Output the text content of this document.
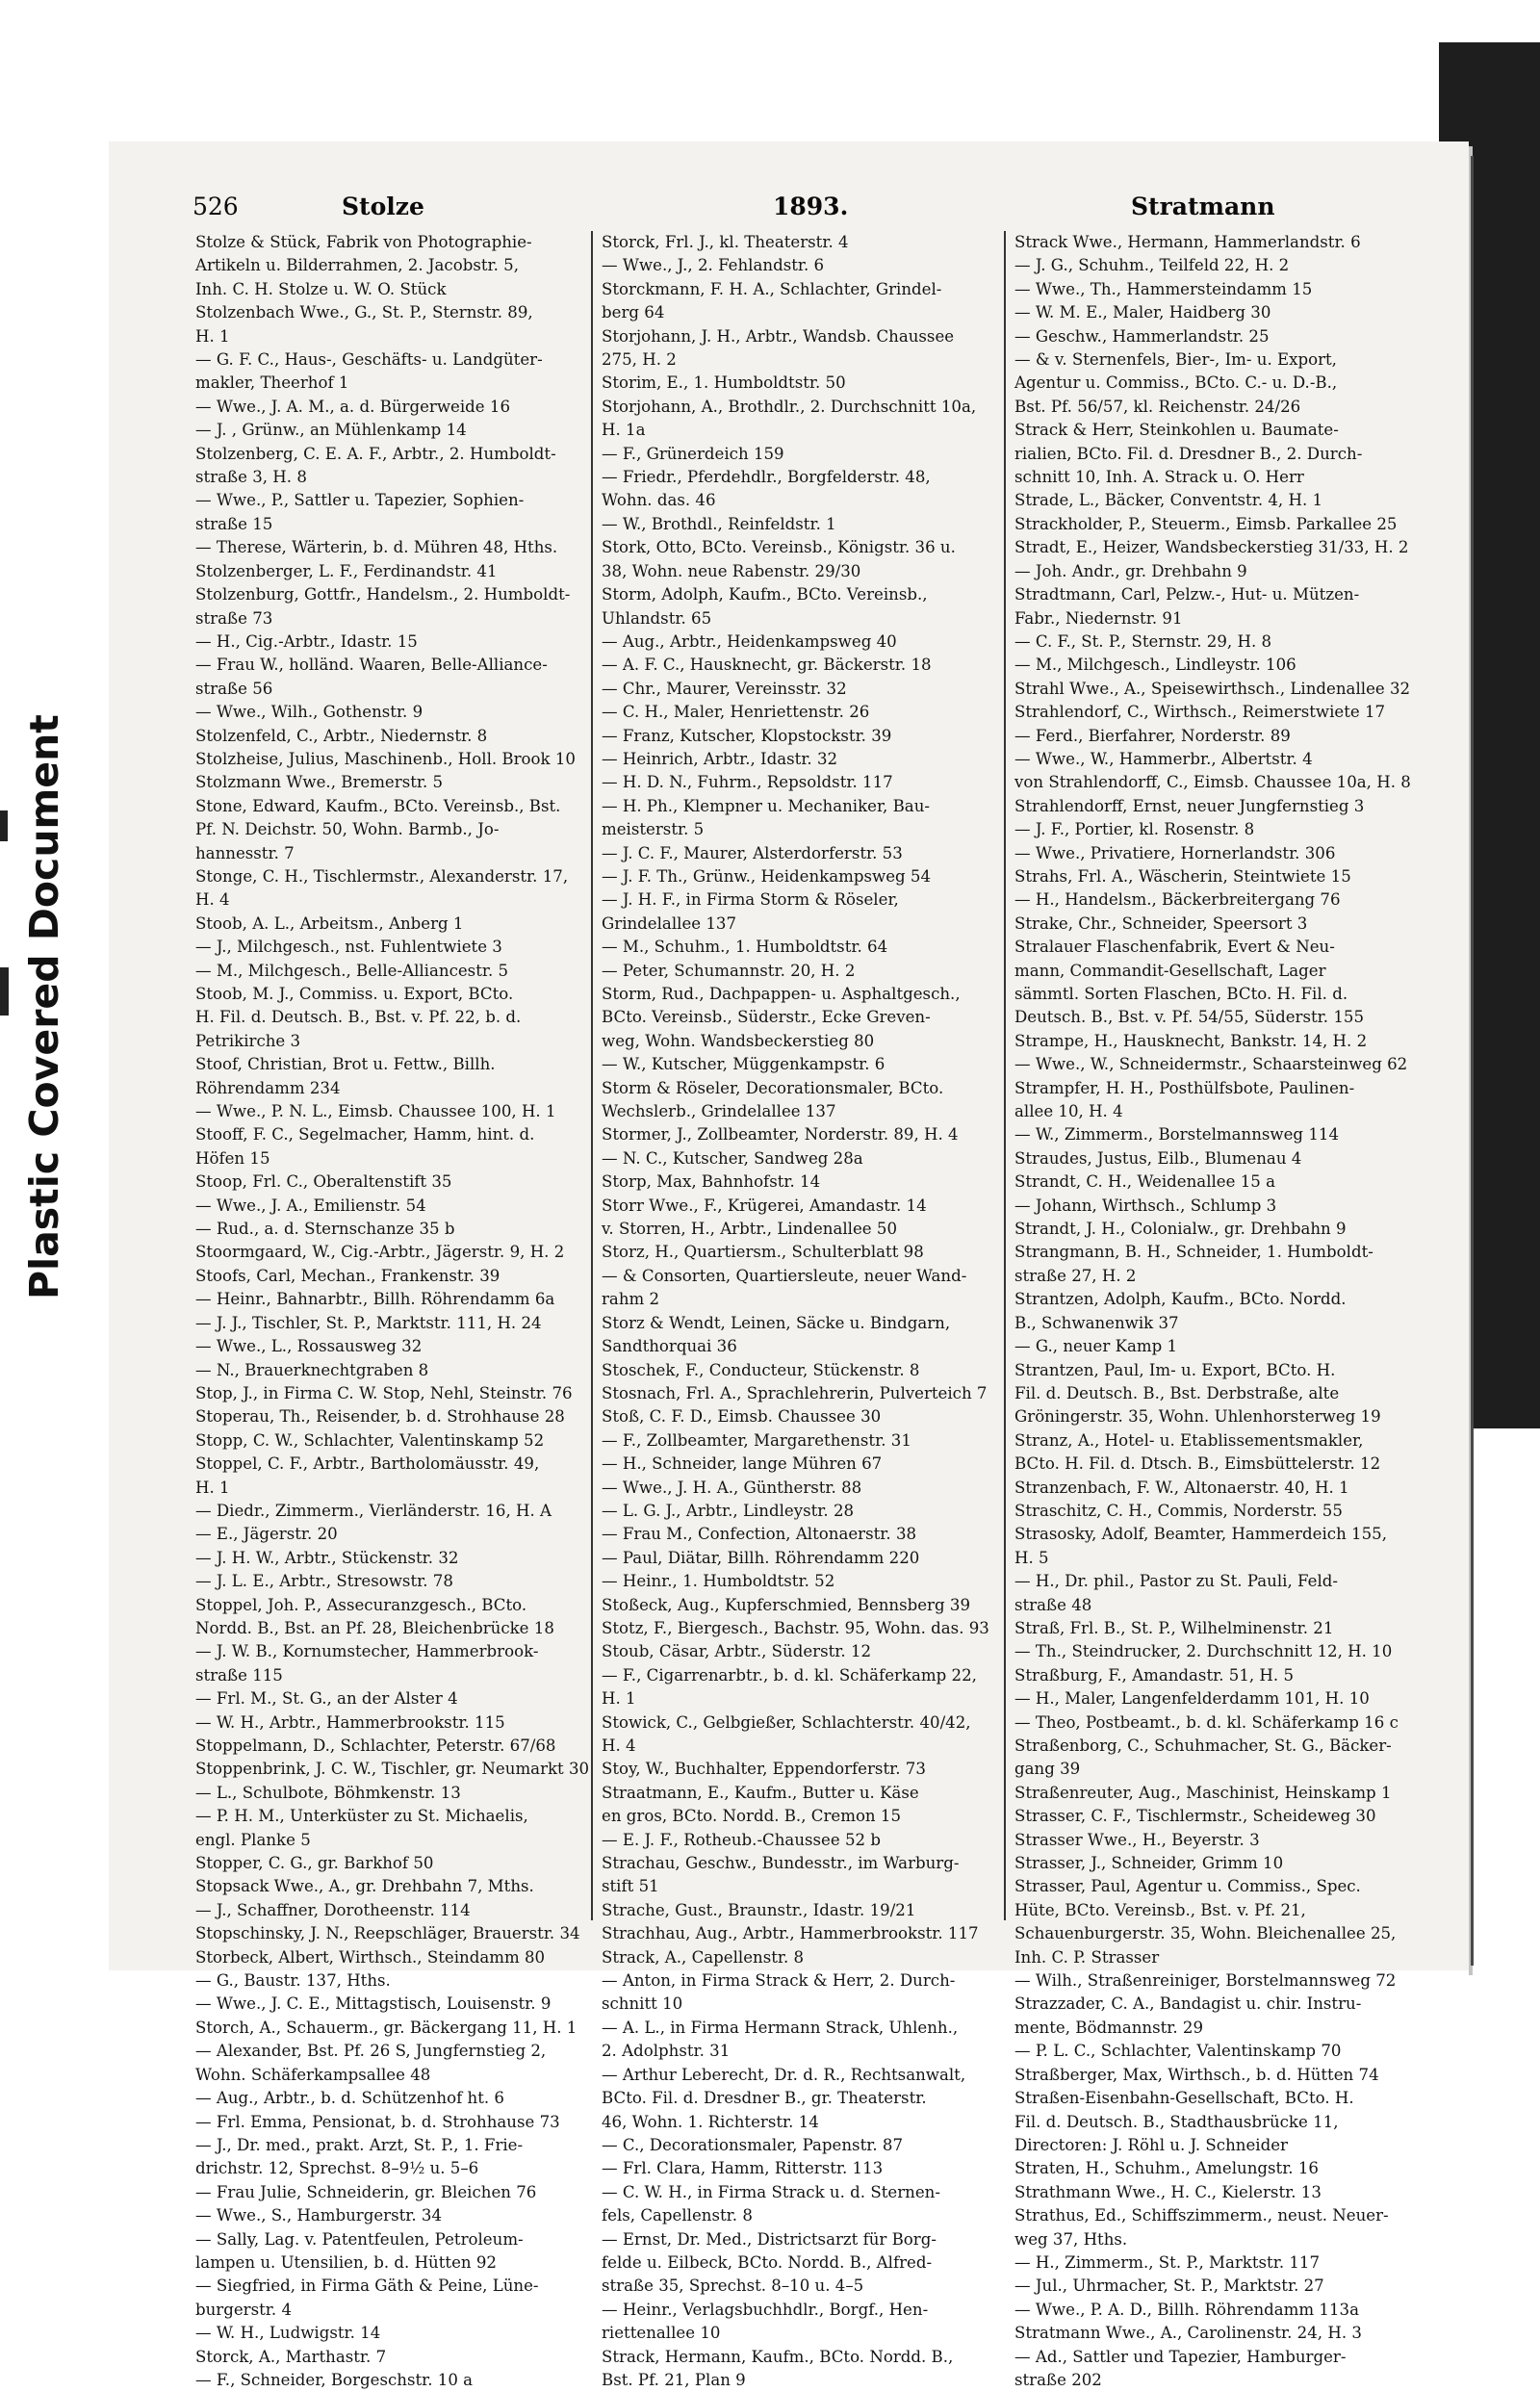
Plastic Covered Document
526	Stolze	1893.	Stratmann
Stolze & Stück, Fabrik von Photographie-
Artikeln u. Bilderrahmen, 2. Jacobstr. 5,
Inh. C. H. Stolze u. W. O. Stück
Stolzenbach Wwe., G., St. P., Sternstr. 89,
H. 1
— G. F. C., Haus-, Geschäfts- u. Landgüter-
makler, Theerhof 1
— Wwe., J. A. M., a. d. Bürgerweide 16
— J. , Grünw., an Mühlenkamp 14
Stolzenberg, C. E. A. F., Arbtr., 2. Humboldt-
straße 3, H. 8
— Wwe., P., Sattler u. Tapezier, Sophien-
straße 15
— Therese, Wärterin, b. d. Mühren 48, Hths.
Stolzenberger, L. F., Ferdinandstr. 41
Stolzenburg, Gottfr., Handelsm., 2. Humboldt-
straße 73
— H., Cig.-Arbtr., Idastr. 15
— Frau W., holländ. Waaren, Belle-Alliance-
straße 56
— Wwe., Wilh., Gothenstr. 9
Stolzenfeld, C., Arbtr., Niedernstr. 8
Stolzheise, Julius, Maschinenb., Holl. Brook 10
Stolzmann Wwe., Bremerstr. 5
Stone, Edward, Kaufm., BCto. Vereinsb., Bst.
Pf. N. Deichstr. 50, Wohn. Barmb., Jo-
hannesstr. 7
Stonge, C. H., Tischlermstr., Alexanderstr. 17,
H. 4
Stoob, A. L., Arbeitsm., Anberg 1
— J., Milchgesch., nst. Fuhlentwiete 3
— M., Milchgesch., Belle-Alliancestr. 5
Stoob, M. J., Commiss. u. Export, BCto.
H. Fil. d. Deutsch. B., Bst. v. Pf. 22, b. d.
Petrikirche 3
Stoof, Christian, Brot u. Fettw., Billh.
Röhrendamm 234
— Wwe., P. N. L., Eimsb. Chaussee 100, H. 1
Stooff, F. C., Segelmacher, Hamm, hint. d.
Höfen 15
Stoop, Frl. C., Oberaltenstift 35
— Wwe., J. A., Emilienstr. 54
— Rud., a. d. Sternschanze 35 b
Stoormgaard, W., Cig.-Arbtr., Jägerstr. 9, H. 2
Stoofs, Carl, Mechan., Frankenstr. 39
— Heinr., Bahnarbtr., Billh. Röhrendamm 6a
— J. J., Tischler, St. P., Marktstr. 111, H. 24
— Wwe., L., Rossausweg 32
— N., Brauerknechtgraben 8
Stop, J., in Firma C. W. Stop, Nehl, Steinstr. 76
Stoperau, Th., Reisender, b. d. Strohhause 28
Stopp, C. W., Schlachter, Valentinskamp 52
Stoppel, C. F., Arbtr., Bartholomäusstr. 49,
H. 1
— Diedr., Zimmerm., Vierländerstr. 16, H. A
— E., Jägerstr. 20
— J. H. W., Arbtr., Stückenstr. 32
— J. L. E., Arbtr., Stresowstr. 78
Stoppel, Joh. P., Assecuranzgesch., BCto.
Nordd. B., Bst. an Pf. 28, Bleichenbrücke 18
— J. W. B., Kornumstecher, Hammerbrook-
straße 115
— Frl. M., St. G., an der Alster 4
— W. H., Arbtr., Hammerbrookstr. 115
Stoppelmann, D., Schlachter, Peterstr. 67/68
Stoppenbrink, J. C. W., Tischler, gr. Neumarkt 30
— L., Schulbote, Böhmkenstr. 13
— P. H. M., Unterküster zu St. Michaelis,
engl. Planke 5
Stopper, C. G., gr. Barkhof 50
Stopsack Wwe., A., gr. Drehbahn 7, Mths.
— J., Schaffner, Dorotheenstr. 114
Stopschinsky, J. N., Reepschläger, Brauerstr. 34
Storbeck, Albert, Wirthsch., Steindamm 80
— G., Baustr. 137, Hths.
— Wwe., J. C. E., Mittagstisch, Louisenstr. 9
Storch, A., Schauerm., gr. Bäckergang 11, H. 1
— Alexander, Bst. Pf. 26 S, Jungfernstieg 2,
Wohn. Schäferkampsallee 48
— Aug., Arbtr., b. d. Schützenhof ht. 6
— Frl. Emma, Pensionat, b. d. Strohhause 73
— J., Dr. med., prakt. Arzt, St. P., 1. Frie-
drichstr. 12, Sprechst. 8–9½ u. 5–6
— Frau Julie, Schneiderin, gr. Bleichen 76
— Wwe., S., Hamburgerstr. 34
— Sally, Lag. v. Patentfeulen, Petroleum-
lampen u. Utensilien, b. d. Hütten 92
— Siegfried, in Firma Gäth & Peine, Lüne-
burgerstr. 4
— W. H., Ludwigstr. 14
Storck, A., Marthastr. 7
— F., Schneider, Borgeschstr. 10 a
Storck, Frl. J., kl. Theaterstr. 4
— Wwe., J., 2. Fehlandstr. 6
Storckmann, F. H. A., Schlachter, Grindel-
berg 64
Storjohann, J. H., Arbtr., Wandsb. Chaussee
275, H. 2
Storim, E., 1. Humboldtstr. 50
Storjohann, A., Brothdlr., 2. Durchschnitt 10a,
H. 1a
— F., Grünerdeich 159
— Friedr., Pferdehdlr., Borgfelderstr. 48,
Wohn. das. 46
— W., Brothdl., Reinfeldstr. 1
Stork, Otto, BCto. Vereinsb., Königstr. 36 u.
38, Wohn. neue Rabenstr. 29/30
Storm, Adolph, Kaufm., BCto. Vereinsb.,
Uhlandstr. 65
— Aug., Arbtr., Heidenkampsweg 40
— A. F. C., Hausknecht, gr. Bäckerstr. 18
— Chr., Maurer, Vereinsstr. 32
— C. H., Maler, Henriettenstr. 26
— Franz, Kutscher, Klopstockstr. 39
— Heinrich, Arbtr., Idastr. 32
— H. D. N., Fuhrm., Repsoldstr. 117
— H. Ph., Klempner u. Mechaniker, Bau-
meisterstr. 5
— J. C. F., Maurer, Alsterdorferstr. 53
— J. F. Th., Grünw., Heidenkampsweg 54
— J. H. F., in Firma Storm & Röseler,
Grindelallee 137
— M., Schuhm., 1. Humboldtstr. 64
— Peter, Schumannstr. 20, H. 2
Storm, Rud., Dachpappen- u. Asphaltgesch.,
BCto. Vereinsb., Süderstr., Ecke Greven-
weg, Wohn. Wandsbeckerstieg 80
— W., Kutscher, Müggenkampstr. 6
Storm & Röseler, Decorationsmaler, BCto.
Wechslerb., Grindelallee 137
Stormer, J., Zollbeamter, Norderstr. 89, H. 4
— N. C., Kutscher, Sandweg 28a
Storp, Max, Bahnhofstr. 14
Storr Wwe., F., Krügerei, Amandastr. 14
v. Storren, H., Arbtr., Lindenallee 50
Storz, H., Quartiersm., Schulterblatt 98
— & Consorten, Quartiersleute, neuer Wand-
rahm 2
Storz & Wendt, Leinen, Säcke u. Bindgarn,
Sandthorquai 36
Stoschek, F., Conducteur, Stückenstr. 8
Stosnach, Frl. A., Sprachlehrerin, Pulverteich 7
Stoß, C. F. D., Eimsb. Chaussee 30
— F., Zollbeamter, Margarethenstr. 31
— H., Schneider, lange Mühren 67
— Wwe., J. H. A., Güntherstr. 88
— L. G. J., Arbtr., Lindleystr. 28
— Frau M., Confection, Altonaerstr. 38
— Paul, Diätar, Billh. Röhrendamm 220
— Heinr., 1. Humboldtstr. 52
Stoßeck, Aug., Kupferschmied, Bennsberg 39
Stotz, F., Biergesch., Bachstr. 95, Wohn. das. 93
Stoub, Cäsar, Arbtr., Süderstr. 12
— F., Cigarrenarbtr., b. d. kl. Schäferkamp 22,
H. 1
Stowick, C., Gelbgießer, Schlachterstr. 40/42,
H. 4
Stoy, W., Buchhalter, Eppendorferstr. 73
Straatmann, E., Kaufm., Butter u. Käse
en gros, BCto. Nordd. B., Cremon 15
— E. J. F., Rotheub.-Chaussee 52 b
Strachau, Geschw., Bundesstr., im Warburg-
stift 51
Strache, Gust., Braunstr., Idastr. 19/21
Strachhau, Aug., Arbtr., Hammerbrookstr. 117
Strack, A., Capellenstr. 8
— Anton, in Firma Strack & Herr, 2. Durch-
schnitt 10
— A. L., in Firma Hermann Strack, Uhlenh.,
2. Adolphstr. 31
— Arthur Leberecht, Dr. d. R., Rechtsanwalt,
BCto. Fil. d. Dresdner B., gr. Theaterstr.
46, Wohn. 1. Richterstr. 14
— C., Decorationsmaler, Papenstr. 87
— Frl. Clara, Hamm, Ritterstr. 113
— C. W. H., in Firma Strack u. d. Sternen-
fels, Capellenstr. 8
— Ernst, Dr. Med., Districtsarzt für Borg-
felde u. Eilbeck, BCto. Nordd. B., Alfred-
straße 35, Sprechst. 8–10 u. 4–5
— Heinr., Verlagsbuchhdlr., Borgf., Hen-
riettenallee 10
Strack, Hermann, Kaufm., BCto. Nordd. B.,
Bst. Pf. 21, Plan 9
Strack Wwe., Hermann, Hammerlandstr. 6
— J. G., Schuhm., Teilfeld 22, H. 2
— Wwe., Th., Hammersteindamm 15
— W. M. E., Maler, Haidberg 30
— Geschw., Hammerlandstr. 25
— & v. Sternenfels, Bier-, Im- u. Export,
Agentur u. Commiss., BCto. C.- u. D.-B.,
Bst. Pf. 56/57, kl. Reichenstr. 24/26
Strack & Herr, Steinkohlen u. Baumate-
rialien, BCto. Fil. d. Dresdner B., 2. Durch-
schnitt 10, Inh. A. Strack u. O. Herr
Strade, L., Bäcker, Conventstr. 4, H. 1
Strackholder, P., Steuerm., Eimsb. Parkallee 25
Stradt, E., Heizer, Wandsbeckerstieg 31/33, H. 2
— Joh. Andr., gr. Drehbahn 9
Stradtmann, Carl, Pelzw.-, Hut- u. Mützen-
Fabr., Niedernstr. 91
— C. F., St. P., Sternstr. 29, H. 8
— M., Milchgesch., Lindleystr. 106
Strahl Wwe., A., Speisewirthsch., Lindenallee 32
Strahlendorf, C., Wirthsch., Reimerstwiete 17
— Ferd., Bierfahrer, Norderstr. 89
— Wwe., W., Hammerbr., Albertstr. 4
von Strahlendorff, C., Eimsb. Chaussee 10a, H. 8
Strahlendorff, Ernst, neuer Jungfernstieg 3
— J. F., Portier, kl. Rosenstr. 8
— Wwe., Privatiere, Hornerlandstr. 306
Strahs, Frl. A., Wäscherin, Steintwiete 15
— H., Handelsm., Bäckerbreitergang 76
Strake, Chr., Schneider, Speersort 3
Stralauer Flaschenfabrik, Evert & Neu-
mann, Commandit-Gesellschaft, Lager
sämmtl. Sorten Flaschen, BCto. H. Fil. d.
Deutsch. B., Bst. v. Pf. 54/55, Süderstr. 155
Strampe, H., Hausknecht, Bankstr. 14, H. 2
— Wwe., W., Schneidermstr., Schaarsteinweg 62
Strampfer, H. H., Posthülfsbote, Paulinen-
allee 10, H. 4
— W., Zimmerm., Borstelmannsweg 114
Straudes, Justus, Eilb., Blumenau 4
Strandt, C. H., Weidenallee 15 a
— Johann, Wirthsch., Schlump 3
Strandt, J. H., Colonialw., gr. Drehbahn 9
Strangmann, B. H., Schneider, 1. Humboldt-
straße 27, H. 2
Strantzen, Adolph, Kaufm., BCto. Nordd.
B., Schwanenwik 37
— G., neuer Kamp 1
Strantzen, Paul, Im- u. Export, BCto. H.
Fil. d. Deutsch. B., Bst. Derbstraße, alte
Gröningerstr. 35, Wohn. Uhlenhorsterweg 19
Stranz, A., Hotel- u. Etablissementsmakler,
BCto. H. Fil. d. Dtsch. B., Eimsbüttelerstr. 12
Stranzenbach, F. W., Altonaerstr. 40, H. 1
Straschitz, C. H., Commis, Norderstr. 55
Strasosky, Adolf, Beamter, Hammerdeich 155,
H. 5
— H., Dr. phil., Pastor zu St. Pauli, Feld-
straße 48
Straß, Frl. B., St. P., Wilhelminenstr. 21
— Th., Steindrucker, 2. Durchschnitt 12, H. 10
Straßburg, F., Amandastr. 51, H. 5
— H., Maler, Langenfelderdamm 101, H. 10
— Theo, Postbeamt., b. d. kl. Schäferkamp 16 c
Straßenborg, C., Schuhmacher, St. G., Bäcker-
gang 39
Straßenreuter, Aug., Maschinist, Heinskamp 1
Strasser, C. F., Tischlermstr., Scheideweg 30
Strasser Wwe., H., Beyerstr. 3
Strasser, J., Schneider, Grimm 10
Strasser, Paul, Agentur u. Commiss., Spec.
Hüte, BCto. Vereinsb., Bst. v. Pf. 21,
Schauenburgerstr. 35, Wohn. Bleichenallee 25,
Inh. C. P. Strasser
— Wilh., Straßenreiniger, Borstelmannsweg 72
Strazzader, C. A., Bandagist u. chir. Instru-
mente, Bödmannstr. 29
— P. L. C., Schlachter, Valentinskamp 70
Straßberger, Max, Wirthsch., b. d. Hütten 74
Straßen-Eisenbahn-Gesellschaft, BCto. H.
Fil. d. Deutsch. B., Stadthausbrücke 11,
Directoren: J. Röhl u. J. Schneider
Straten, H., Schuhm., Amelungstr. 16
Strathmann Wwe., H. C., Kielerstr. 13
Strathus, Ed., Schiffszimmerm., neust. Neuer-
weg 37, Hths.
— H., Zimmerm., St. P., Marktstr. 117
— Jul., Uhrmacher, St. P., Marktstr. 27
— Wwe., P. A. D., Billh. Röhrendamm 113a
Stratmann Wwe., A., Carolinenstr. 24, H. 3
— Ad., Sattler und Tapezier, Hamburger-
straße 202
